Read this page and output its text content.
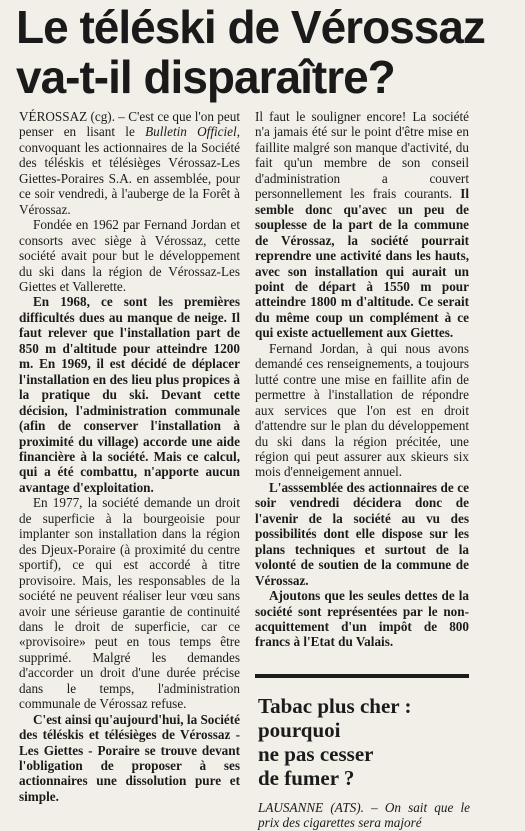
Le téléski de Vérossaz
va-t-il disparaître?

VÉROSSAZ (cg). – C'est ce que l'on peut penser en lisant le Bulletin Officiel, convoquant les actionnaires de la Société des téléskis et télésièges Vérossaz-Les Giettes-Poraires S.A. en assemblée, pour ce soir vendredi, à l'auberge de la Forêt à Vérossaz.

Fondée en 1962 par Fernand Jordan et consorts avec siège à Vérossaz, cette société avait pour but le développement du ski dans la région de Vérossaz-Les Giettes et Vallerette.

En 1968, ce sont les premières difficultés dues au manque de neige. Il faut relever que l'installation part de 850 m d'altitude pour atteindre 1200 m. En 1969, il est décidé de déplacer l'installation en des lieu plus propices à la pratique du ski. Devant cette décision, l'administration communale (afin de conserver l'installation à proximité du village) accorde une aide financière à la société. Mais ce calcul, qui a été combattu, n'apporte aucun avantage d'exploitation.

En 1977, la société demande un droit de superficie à la bourgeoisie pour implanter son installation dans la région des Djeux-Poraire (à proximité du centre sportif), ce qui est accordé à titre provisoire. Mais, les responsables de la société ne peuvent réaliser leur vœu sans avoir une sérieuse garantie de continuité dans le droit de superficie, car ce «provisoire» peut en tous temps être supprimé. Malgré les demandes d'accorder un droit d'une durée précise dans le temps, l'administration communale de Vérossaz refuse.

C'est ainsi qu'aujourd'hui, la Société des téléskis et télésièges de Vérossaz - Les Giettes - Poraire se trouve devant l'obligation de proposer à ses actionnaires une dissolution pure et simple.

Il faut le souligner encore! La société n'a jamais été sur le point d'être mise en faillite malgré son manque d'activité, du fait qu'un membre de son conseil d'administration a couvert personnellement les frais courants. Il semble donc qu'avec un peu de souplesse de la part de la commune de Vérossaz, la société pourrait reprendre une activité dans les hauts, avec son installation qui aurait un point de départ à 1550 m pour atteindre 1800 m d'altitude. Ce serait du même coup un complément à ce qui existe actuellement aux Giettes.

Fernand Jordan, à qui nous avons demandé ces renseignements, a toujours lutté contre une mise en faillite afin de permettre à l'installation de répondre aux services que l'on est en droit d'attendre sur le plan du développement du ski dans la région précitée, une région qui peut assurer aux skieurs six mois d'enneigement annuel.

L'asssemblée des actionnaires de ce soir vendredi décidera donc de l'avenir de la société au vu des possibilités dont elle dispose sur les plans techniques et surtout de la volonté de soutien de la commune de Vérossaz.

Ajoutons que les seules dettes de la société sont représentées par le non-acquittement d'un impôt de 800 francs à l'Etat du Valais.

Tabac plus cher :
pourquoi
ne pas cesser
de fumer ?
LAUSANNE (ATS). – On sait que le prix des cigarettes sera majoré
